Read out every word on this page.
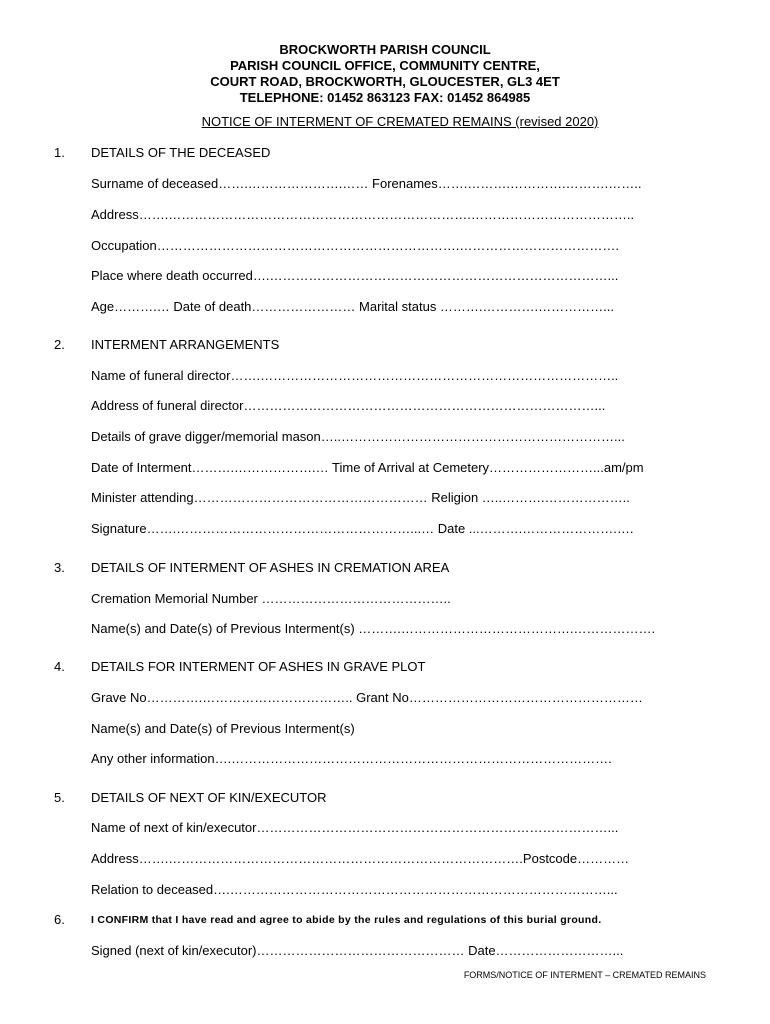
BROCKWORTH PARISH COUNCIL
PARISH COUNCIL OFFICE, COMMUNITY CENTRE,
COURT ROAD, BROCKWORTH, GLOUCESTER, GL3 4ET
TELEPHONE: 01452 863123 FAX: 01452 864985
NOTICE OF INTERMENT OF CREMATED REMAINS (revised 2020)
1. DETAILS OF THE DECEASED
Surname of deceased…….………………….…… Forenames…….……….………….……….……..
Address…….…………………………………………………………….………………………………..
Occupation…………………………………………………………….……………………………….
Place where death occurred….……………………………………………………………………...
Age……….… Date of death…………………… Marital status ……….………….……………...
2. INTERMENT ARRANGEMENTS
Name of funeral director…….………………………………………………………………………..
Address of funeral director………………………………………………………………………...
Details of grave digger/memorial mason…..………………………………………………………...
Date of Interment……….……………….… Time of Arrival at Cemetery……………………...am/pm
Minister attending……………………………………………… Religion …..……….………………..
Signature…….………………………………………………...… Date ...……….………………….….
3. DETAILS OF INTERMENT OF ASHES IN CREMATION AREA
Cremation Memorial Number ……………………………………..
Name(s) and Date(s) of Previous Interment(s) ……….………………………………….……………….
4. DETAILS FOR INTERMENT OF ASHES IN GRAVE PLOT
Grave No………….…………………………….. Grant No………………………………………………
Name(s) and Date(s) of Previous Interment(s)
Any other information….…………………………………………………………………………….
5. DETAILS OF NEXT OF KIN/EXECUTOR
Name of next of kin/executor………………………………………………………………………...
Address…….……………………………………………………………………….Postcode…………
Relation to deceased….……………………………………………………………………………...
6. I CONFIRM that I have read and agree to abide by the rules and regulations of this burial ground.
Signed (next of kin/executor)………………………………………… Date………………………...
FORMS/NOTICE OF INTERMENT – CREMATED REMAINS
